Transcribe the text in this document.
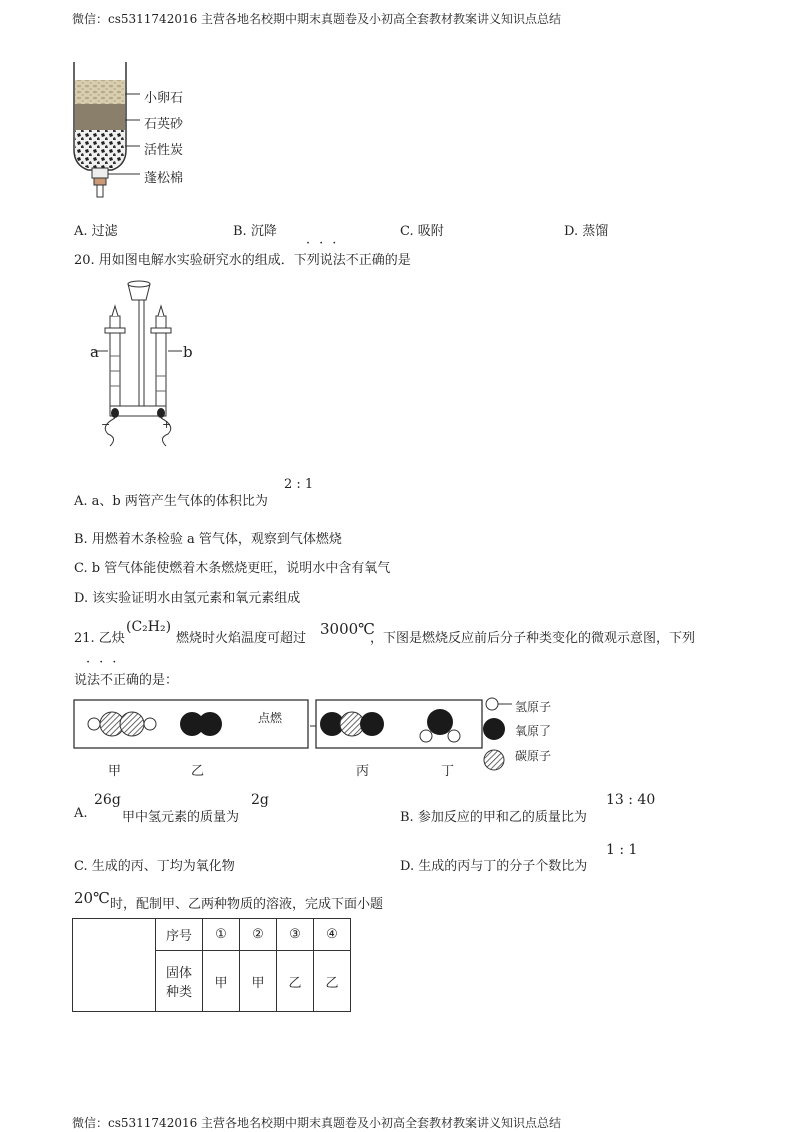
微信：cs5311742016 主营各地名校期中期末真题卷及小初高全套教材教案讲义知识点总结
小卵石
石英砂
活性炭
蓬松棉
A. 过滤	B. 沉降	C. 吸附	D. 蒸馏
···
20. 用如图电解水实验研究水的组成．下列说法不正确的是
a	b
−	+
A. a、b 两管产生气体的体积比为
2 : 1
B. 用燃着木条检验 a 管气体，观察到气体燃烧
C. b 管气体能使燃着木条燃烧更旺，说明水中含有氧气
D. 该实验证明水由氢元素和氧元素组成
21. 乙炔
(C₂H₂)
燃烧时火焰温度可超过
3000℃
，下图是燃烧反应前后分子种类变化的微观示意图，下列
···
说法不正确的是：
点燃
氢原子
氧原了
碳原子
甲	乙	丙	丁
A.
26g
甲中氢元素的质量为
2g
B. 参加反应的甲和乙的质量比为
13 : 40
C. 生成的丙、丁均为氧化物	D. 生成的丙与丁的分子个数比为
1 : 1
20℃ 时，配制甲、乙两种物质的溶液，完成下面小题
	序号	①	②	③	④

	固体
种类	甲	甲	乙	乙
微信：cs5311742016 主营各地名校期中期末真题卷及小初高全套教材教案讲义知识点总结
